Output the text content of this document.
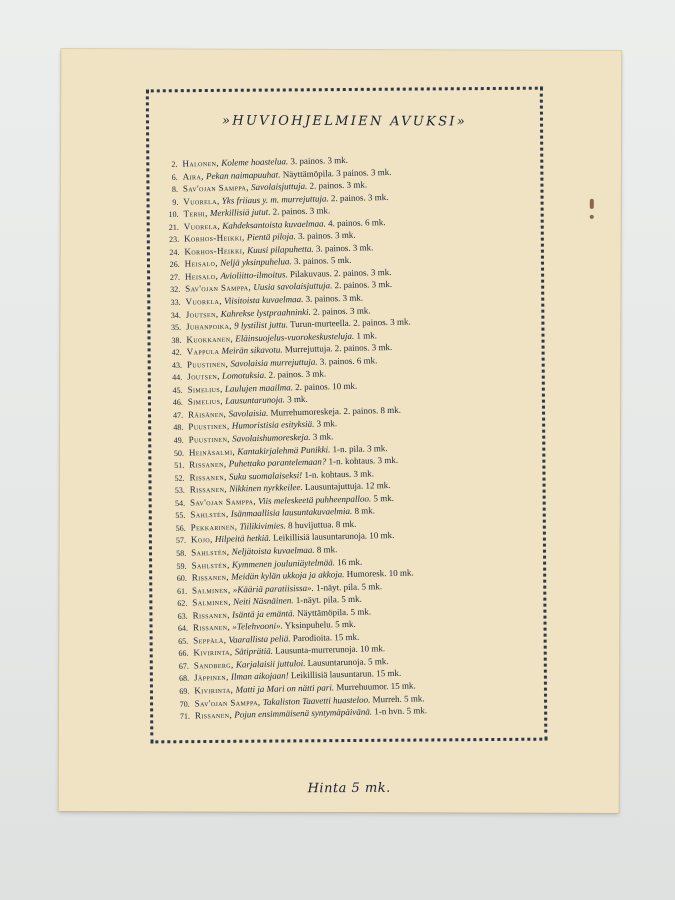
»HUVIOHJELMIEN AVUKSI»
2. Halonen, Koleme hoastelua. 3. painos. 3 mk.
6. Aira, Pekan naimapuuhat. Näyttämöpila. 3 painos. 3 mk.
8. Sav'ojan Samppa, Savolaisjuttuja. 2. painos. 3 mk.
9. Vuorela, Yks friiaus y. m. murrejuttuja. 2. painos. 3 mk.
10. Terhi, Merkillisiä jutut. 2. painos. 3 mk.
21. Vuorela, Kahdeksantoista kuvaelmaa. 4. painos. 6 mk.
23. Korhos-Heikki, Pientä piloja. 3. painos. 3 mk.
24. Korhos-Heikki, Kuusi pilapuhetta. 3. painos. 3 mk.
26. Heisalo, Neljä yksinpuhelua. 3. painos. 5 mk.
27. Heisalo, Avioliitto-ilmoitus. Pilakuvaus. 2. painos. 3 mk.
32. Sav'ojan Samppa, Uusia savolaisjuttuja. 2. painos. 3 mk.
33. Vuorela, Viisitoista kuvaelmaa. 3. painos. 3 mk.
34. Joutsen, Kahrekse lystpraahninki. 2. painos. 3 mk.
35. Juhanpoika, 9 lystilist juttu. Turun-murteella. 2. painos. 3 mk.
38. Kuokkanen, Eläinsuojelus-vuorokeskusteluja. 1 mk.
42. Vappula Meirän sikavotu. Murrejuttuja. 2. painos. 3 mk.
43. Puustinen, Savolaisia murrejuttuja. 3. painos. 6 mk.
44. Joutsen, Lomotuksia. 2. painos. 3 mk.
45. Simelius, Laulujen maailma. 2. painos. 10 mk.
46. Simelius, Lausuntarunoja. 3 mk.
47. Räisänen, Savolaisia. Murrehumoreskeja. 2. painos. 8 mk.
48. Puustinen, Humoristisia esityksiä. 3 mk.
49. Puustinen, Savolaishumoreskeja. 3 mk.
50. Heinäsalmi, Kantakirjalehmä Punikki. 1-n. pila. 3 mk.
51. Rissanen, Puhettako parantelemaan? 1-n. kohtaus. 3 mk.
52. Rissanen, Suku suomalaiseksi! 1-n. kohtaus. 3 mk.
53. Rissanen, Nikkinen nyrkkeilee. Lausuntajuttuja. 12 mk.
54. Sav'ojan Samppa, Viis meleskeetä puhheenpalloo. 5 mk.
55. Sahlstén, Isänmaallisia lausuntakuvaelmia. 8 mk.
56. Pekkarinen, Tiilikivimies. 8 huvijuttua. 8 mk.
57. Kojo, Hilpeitä hetkiä. Leikillisiä lausuntarunoja. 10 mk.
58. Sahlstén, Neljätoista kuvaelmaa. 8 mk.
59. Sahlstén, Kymmenen jouluniäytelmää. 16 mk.
60. Rissanen, Meidän kylän ukkoja ja akkoja. Humoresk. 10 mk.
61. Salminen, »Kääriä paratiisissa». 1-näyt. pila. 5 mk.
62. Salminen, Neiti Näsnäinen. 1-näyt. pila. 5 mk.
63. Rissanen, Isäntä ja emäntä. Näyttämöpila. 5 mk.
64. Rissanen, »Telehvooni». Yksinpuhelu. 5 mk.
65. Seppälä, Vaarallista peliä. Parodioita. 15 mk.
66. Kivirinta, Sätiprätiä. Lausunta-murrerunoja. 10 mk.
67. Sandberg, Karjalaisii juttuloi. Lausuntarunoja. 5 mk.
68. Jäppinen, Ilman aikojaan! Leikillisiä lausuntarun. 15 mk.
69. Kivirinta, Matti ja Mari on nätti pari. Murrehuumor. 15 mk.
70. Sav'ojan Samppa, Takaliston Taavetti huasteloo. Murreh. 5 mk.
71. Rissanen, Pojun ensimmäisenä syntymäpäivänä. 1-n hvn. 5 mk.
Hinta 5 mk.
